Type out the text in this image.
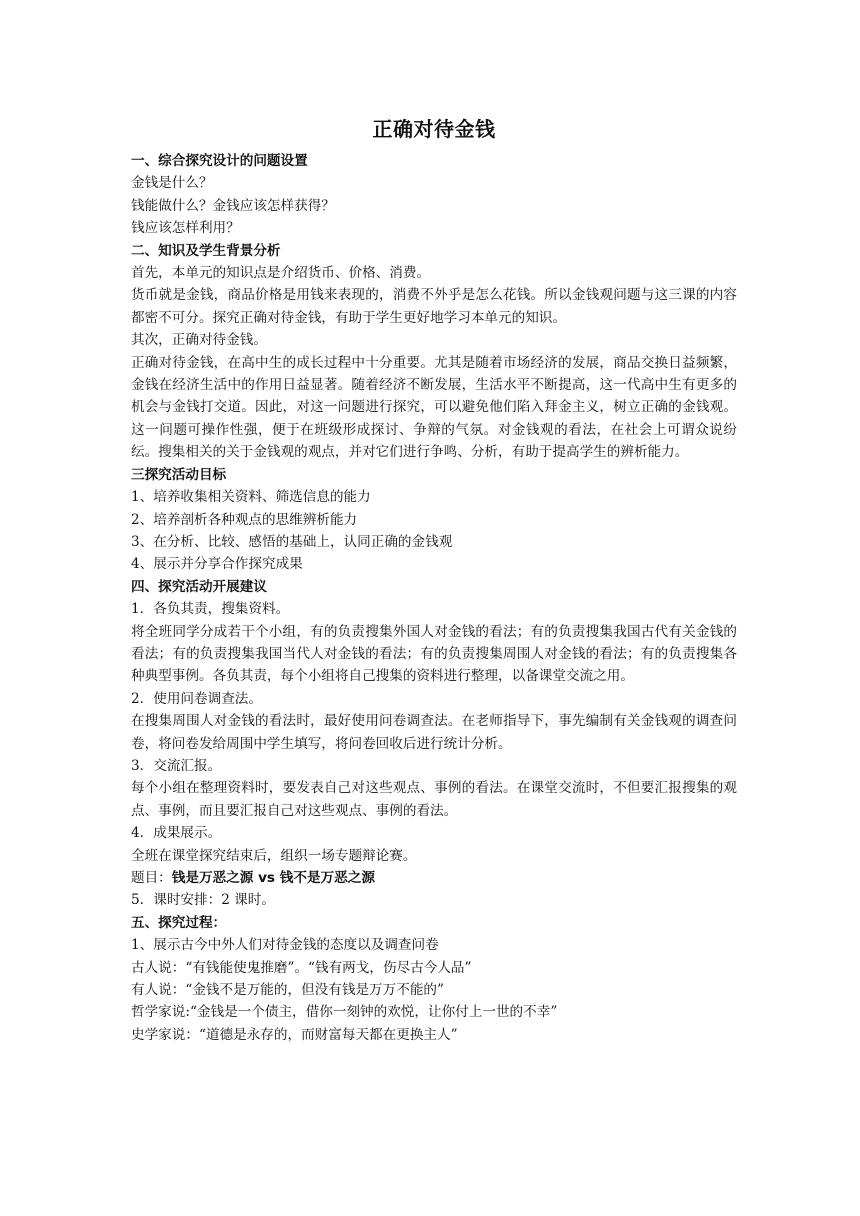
正确对待金钱

一、综合探究设计的问题设置

金钱是什么？

钱能做什么？金钱应该怎样获得？

钱应该怎样利用？

二、知识及学生背景分析

首先，本单元的知识点是介绍货币、价格、消费。

货币就是金钱，商品价格是用钱来表现的，消费不外乎是怎么花钱。所以金钱观问题与这三课的内容都密不可分。探究正确对待金钱，有助于学生更好地学习本单元的知识。

其次，正确对待金钱。

正确对待金钱，在高中生的成长过程中十分重要。尤其是随着市场经济的发展，商品交换日益频繁，金钱在经济生活中的作用日益显著。随着经济不断发展，生活水平不断提高，这一代高中生有更多的机会与金钱打交道。因此，对这一问题进行探究，可以避免他们陷入拜金主义，树立正确的金钱观。这一问题可操作性强，便于在班级形成探讨、争辩的气氛。对金钱观的看法，在社会上可谓众说纷纭。搜集相关的关于金钱观的观点，并对它们进行争鸣、分析，有助于提高学生的辨析能力。

三探究活动目标

1、培养收集相关资料、筛选信息的能力

2、培养剖析各种观点的思维辨析能力

3、在分析、比较、感悟的基础上，认同正确的金钱观

4、展示并分享合作探究成果

四、探究活动开展建议

1．各负其责，搜集资料。

将全班同学分成若干个小组，有的负责搜集外国人对金钱的看法；有的负责搜集我国古代有关金钱的看法；有的负责搜集我国当代人对金钱的看法；有的负责搜集周围人对金钱的看法；有的负责搜集各种典型事例。各负其责，每个小组将自己搜集的资料进行整理，以备课堂交流之用。

2．使用问卷调查法。

在搜集周围人对金钱的看法时，最好使用问卷调查法。在老师指导下，事先编制有关金钱观的调查问卷，将问卷发给周围中学生填写，将问卷回收后进行统计分析。

3．交流汇报。

每个小组在整理资料时，要发表自己对这些观点、事例的看法。在课堂交流时，不但要汇报搜集的观点、事例，而且要汇报自己对这些观点、事例的看法。

4．成果展示。

全班在课堂探究结束后，组织一场专题辩论赛。

题目：钱是万恶之源 vs 钱不是万恶之源

5．课时安排：2 课时。

五、探究过程：

1、展示古今中外人们对待金钱的态度以及调查问卷

古人说：“有钱能使鬼推磨”。“钱有两戈，伤尽古今人品”

有人说：“金钱不是万能的，但没有钱是万万不能的”

哲学家说:“金钱是一个债主，借你一刻钟的欢悦，让你付上一世的不幸”

史学家说：“道德是永存的，而财富每天都在更换主人”
